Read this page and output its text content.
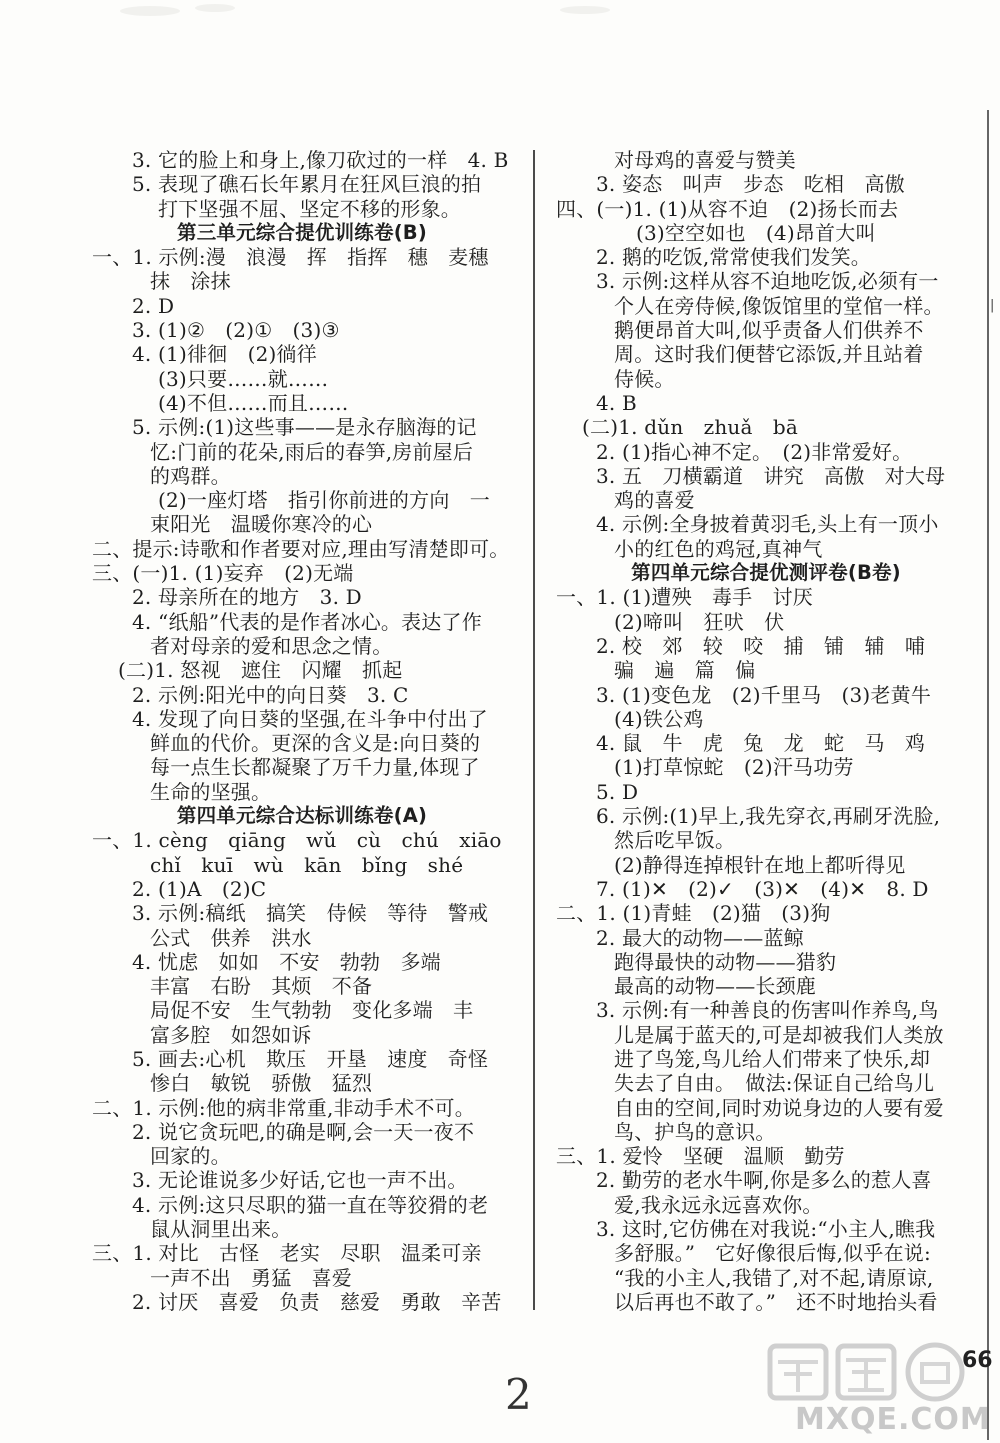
3. 它的脸上和身上,像刀砍过的一样　4. B
5. 表现了礁石长年累月在狂风巨浪的拍
打下坚强不屈、坚定不移的形象。
第三单元综合提优训练卷(B)
一、1. 示例:漫　浪漫　挥　指挥　穗　麦穗
抹　涂抹
2. D
3. (1)②　(2)①　(3)③
4. (1)徘徊　(2)徜徉
(3)只要……就……
(4)不但……而且……
5. 示例:(1)这些事——是永存脑海的记
忆:门前的花朵,雨后的春笋,房前屋后
的鸡群。
(2)一座灯塔　指引你前进的方向　一
束阳光　温暖你寒冷的心
二、提示:诗歌和作者要对应,理由写清楚即可。
三、(一)1. (1)妄弃　(2)无端
2. 母亲所在的地方　3. D
4. “纸船”代表的是作者冰心。表达了作
者对母亲的爱和思念之情。
(二)1. 怒视　遮住　闪耀　抓起
2. 示例:阳光中的向日葵　3. C
4. 发现了向日葵的坚强,在斗争中付出了
鲜血的代价。更深的含义是:向日葵的
每一点生长都凝聚了万千力量,体现了
生命的坚强。
第四单元综合达标训练卷(A)
一、1. cèng　qiāng　wǔ　cù　chú　xiāo
chǐ　kuī　wù　kān　bǐng　shé
2. (1)A　(2)C
3. 示例:稿纸　搞笑　侍候　等待　警戒
公式　供养　洪水
4. 忧虑　如如　不安　勃勃　多端
丰富　右盼　其烦　不备
局促不安　生气勃勃　变化多端　丰
富多腔　如怨如诉
5. 画去:心机　欺压　开垦　速度　奇怪
惨白　敏锐　骄傲　猛烈
二、1. 示例:他的病非常重,非动手术不可。
2. 说它贪玩吧,的确是啊,会一天一夜不
回家的。
3. 无论谁说多少好话,它也一声不出。
4. 示例:这只尽职的猫一直在等狡猾的老
鼠从洞里出来。
三、1. 对比　古怪　老实　尽职　温柔可亲
一声不出　勇猛　喜爱
2. 讨厌　喜爱　负责　慈爱　勇敢　辛苦
对母鸡的喜爱与赞美
3. 姿态　叫声　步态　吃相　高傲
四、(一)1. (1)从容不迫　(2)扬长而去
(3)空空如也　(4)昂首大叫
2. 鹅的吃饭,常常使我们发笑。
3. 示例:这样从容不迫地吃饭,必须有一
个人在旁侍候,像饭馆里的堂倌一样。
鹅便昂首大叫,似乎责备人们供养不
周。这时我们便替它添饭,并且站着
侍候。
4. B
(二)1. dǔn　zhuǎ　bā
2. (1)指心神不定。　(2)非常爱好。
3. 五　刀横霸道　讲究　高傲　对大母
鸡的喜爱
4. 示例:全身披着黄羽毛,头上有一顶小
小的红色的鸡冠,真神气
第四单元综合提优测评卷(B卷)
一、1. (1)遭殃　毒手　讨厌
(2)啼叫　狂吠　伏
2. 校　郊　较　咬　捕　铺　辅　哺
骗　遍　篇　偏
3. (1)变色龙　(2)千里马　(3)老黄牛
(4)铁公鸡
4. 鼠　牛　虎　兔　龙　蛇　马　鸡
(1)打草惊蛇　(2)汗马功劳
5. D
6. 示例:(1)早上,我先穿衣,再刷牙洗脸,
然后吃早饭。
(2)静得连掉根针在地上都听得见
7. (1)✕　(2)✓　(3)✕　(4)✕　8. D
二、1. (1)青蛙　(2)猫　(3)狗
2. 最大的动物——蓝鲸
跑得最快的动物——猎豹
最高的动物——长颈鹿
3. 示例:有一种善良的伤害叫作养鸟,鸟
儿是属于蓝天的,可是却被我们人类放
进了鸟笼,鸟儿给人们带来了快乐,却
失去了自由。　做法:保证自己给鸟儿
自由的空间,同时劝说身边的人要有爱
鸟、护鸟的意识。
三、1. 爱怜　坚硬　温顺　勤劳
2. 勤劳的老水牛啊,你是多么的惹人喜
爱,我永远永远喜欢你。
3. 这时,它仿佛在对我说:“小主人,瞧我
多舒服。”　它好像很后悔,似乎在说:
“我的小主人,我错了,对不起,请原谅,
以后再也不敢了。”　还不时地抬头看
|
66
2
MXQE.COM
